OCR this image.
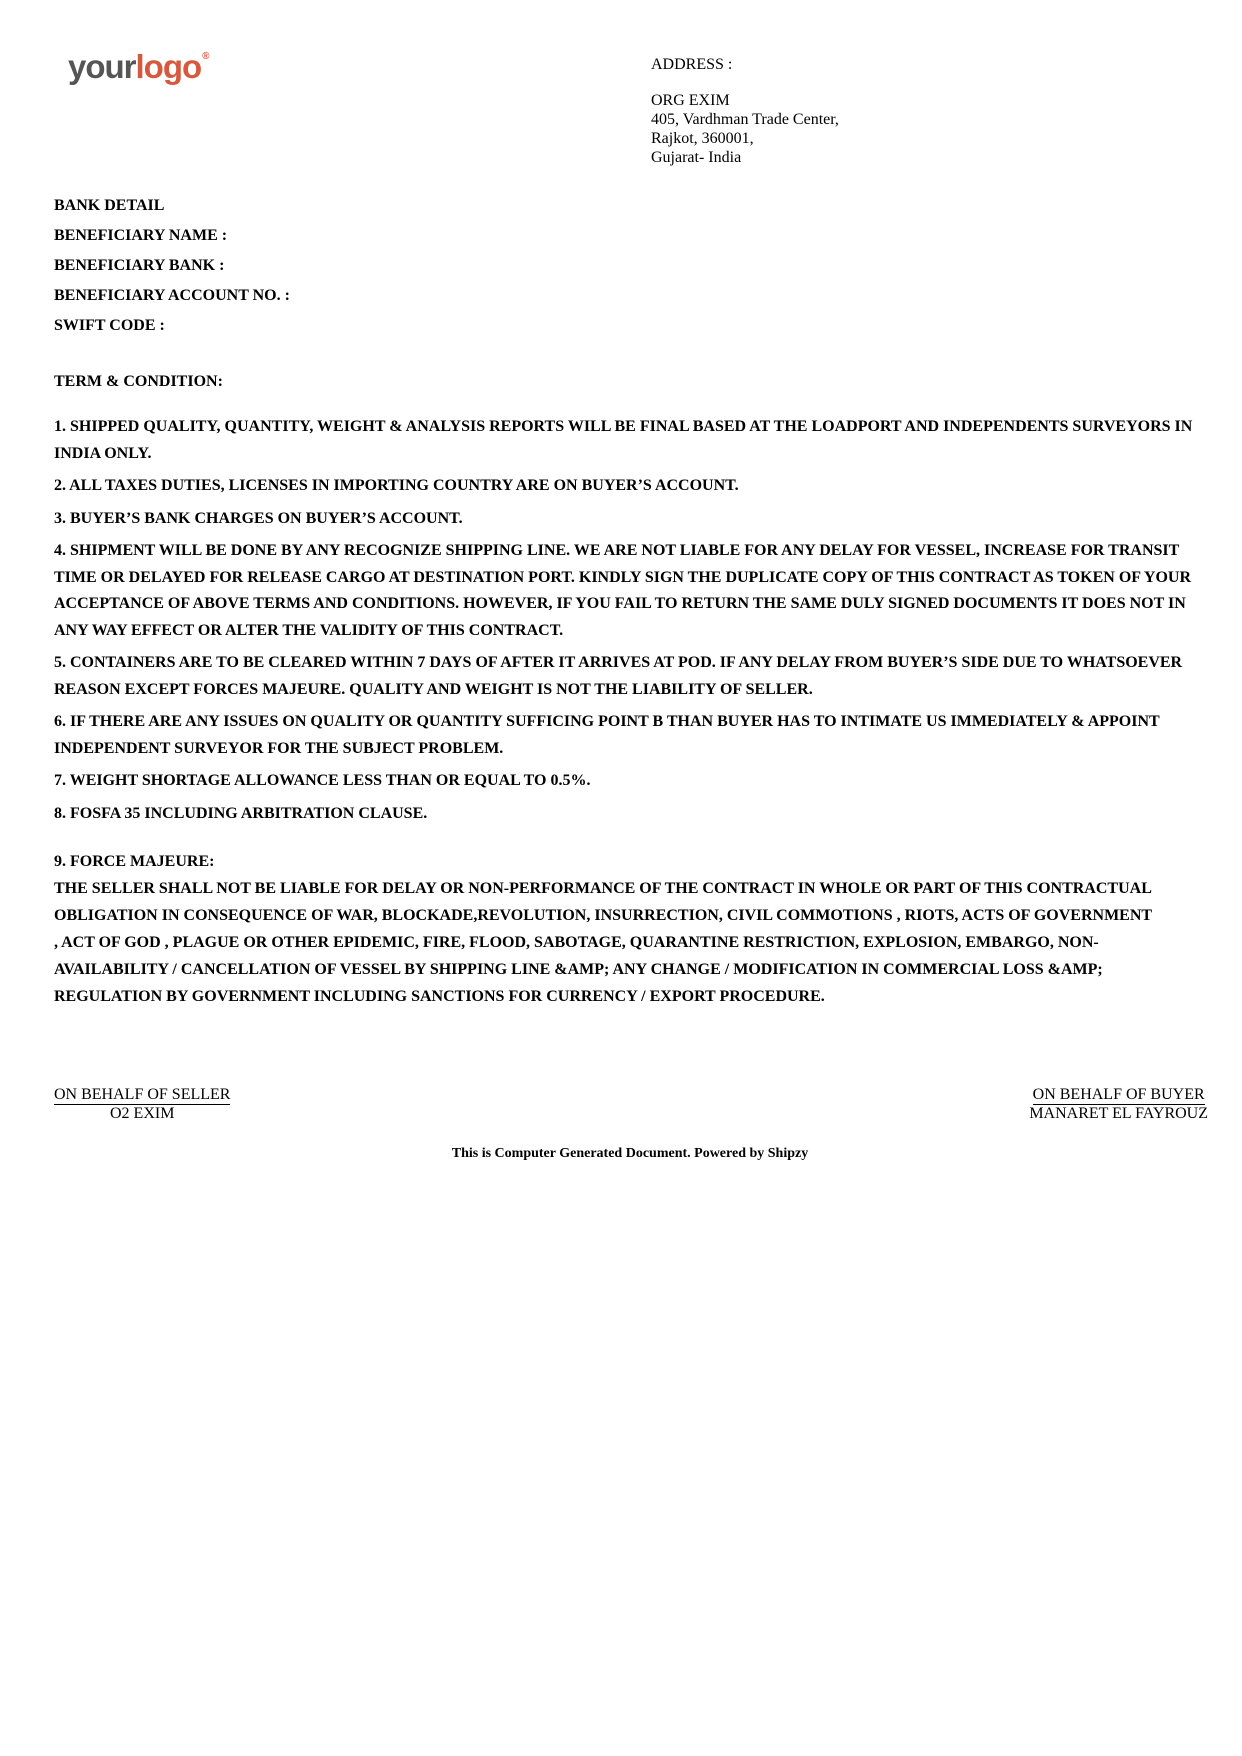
yourlogo®	ADDRESS :
ORG EXIM
405, Vardhman Trade Center,
Rajkot, 360001,
Gujarat- India
BANK DETAIL
BENEFICIARY NAME :
BENEFICIARY BANK :
BENEFICIARY ACCOUNT NO. :
SWIFT CODE :
TERM & CONDITION:
1. SHIPPED QUALITY, QUANTITY, WEIGHT & ANALYSIS REPORTS WILL BE FINAL BASED AT THE LOADPORT AND INDEPENDENTS SURVEYORS IN INDIA ONLY.
2. ALL TAXES DUTIES, LICENSES IN IMPORTING COUNTRY ARE ON BUYER’S ACCOUNT.
3. BUYER’S BANK CHARGES ON BUYER’S ACCOUNT.
4. SHIPMENT WILL BE DONE BY ANY RECOGNIZE SHIPPING LINE. WE ARE NOT LIABLE FOR ANY DELAY FOR VESSEL, INCREASE FOR TRANSIT TIME OR DELAYED FOR RELEASE CARGO AT DESTINATION PORT. KINDLY SIGN THE DUPLICATE COPY OF THIS CONTRACT AS TOKEN OF YOUR ACCEPTANCE OF ABOVE TERMS AND CONDITIONS. HOWEVER, IF YOU FAIL TO RETURN THE SAME DULY SIGNED DOCUMENTS IT DOES NOT IN ANY WAY EFFECT OR ALTER THE VALIDITY OF THIS CONTRACT.
5. CONTAINERS ARE TO BE CLEARED WITHIN 7 DAYS OF AFTER IT ARRIVES AT POD. IF ANY DELAY FROM BUYER’S SIDE DUE TO WHATSOEVER REASON EXCEPT FORCES MAJEURE. QUALITY AND WEIGHT IS NOT THE LIABILITY OF SELLER.
6. IF THERE ARE ANY ISSUES ON QUALITY OR QUANTITY SUFFICING POINT B THAN BUYER HAS TO INTIMATE US IMMEDIATELY & APPOINT INDEPENDENT SURVEYOR FOR THE SUBJECT PROBLEM.
7. WEIGHT SHORTAGE ALLOWANCE LESS THAN OR EQUAL TO 0.5%.
8. FOSFA 35 INCLUDING ARBITRATION CLAUSE.
9. FORCE MAJEURE:
THE SELLER SHALL NOT BE LIABLE FOR DELAY OR NON-PERFORMANCE OF THE CONTRACT IN WHOLE OR PART OF THIS CONTRACTUAL OBLIGATION IN CONSEQUENCE OF WAR, BLOCKADE,REVOLUTION, INSURRECTION, CIVIL COMMOTIONS , RIOTS, ACTS OF GOVERNMENT
, ACT OF GOD , PLAGUE OR OTHER EPIDEMIC, FIRE, FLOOD, SABOTAGE, QUARANTINE RESTRICTION, EXPLOSION, EMBARGO, NON-AVAILABILITY / CANCELLATION OF VESSEL BY SHIPPING LINE &AMP; ANY CHANGE / MODIFICATION IN COMMERCIAL LOSS &AMP; REGULATION BY GOVERNMENT INCLUDING SANCTIONS FOR CURRENCY / EXPORT PROCEDURE.
ON BEHALF OF SELLER
O2 EXIM
ON BEHALF OF BUYER
MANARET EL FAYROUZ
This is Computer Generated Document. Powered by Shipzy
